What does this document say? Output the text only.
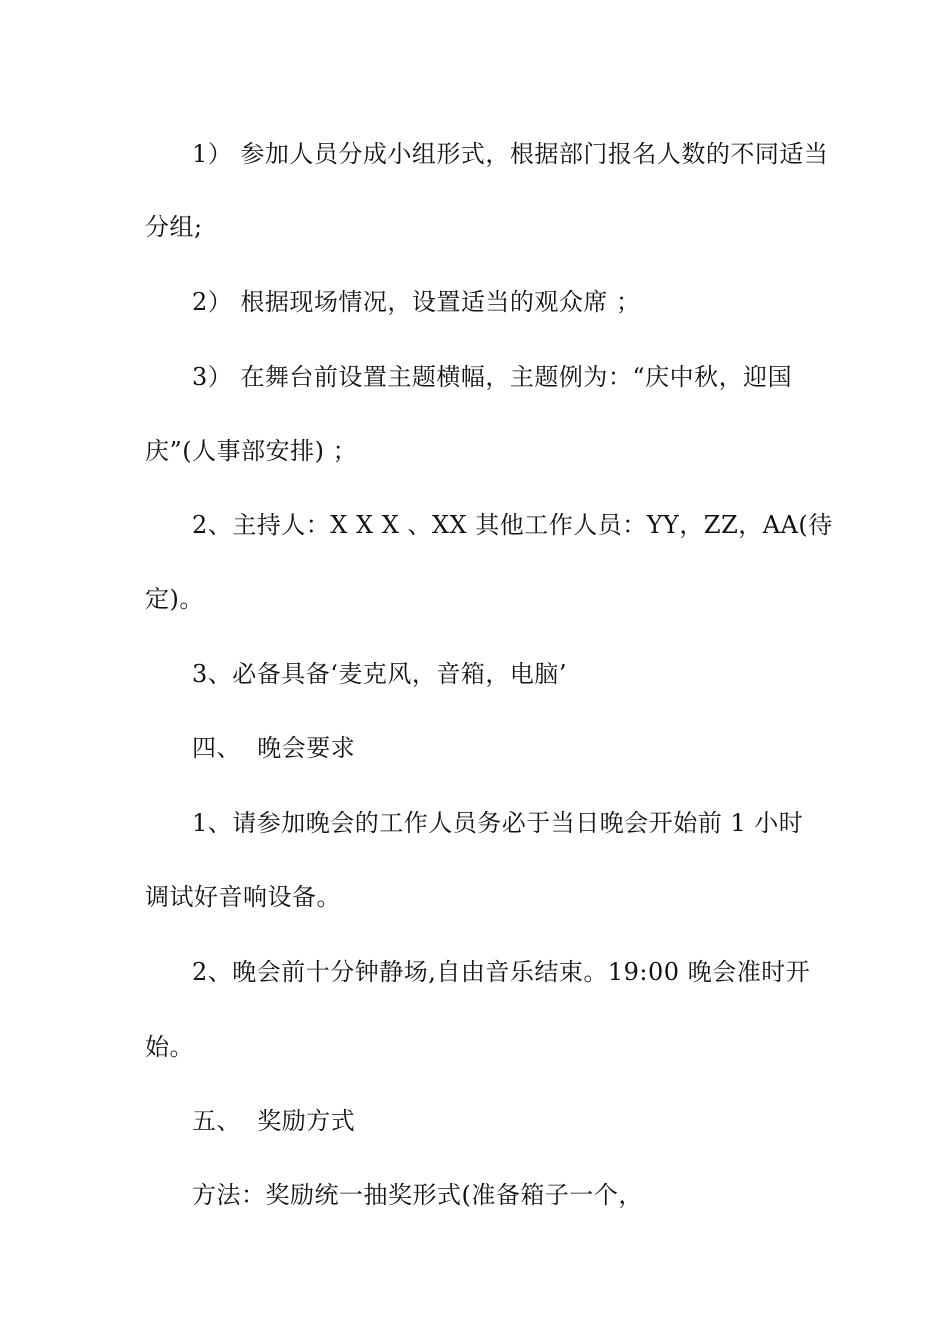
1） 参加人员分成小组形式，根据部门报名人数的不同适当
分组;
2） 根据现场情况，设置适当的观众席 ；
3） 在舞台前设置主题横幅，主题例为：“庆中秋，迎国
庆”(人事部安排) ；
2、主持人：X X X 、XX 其他工作人员：YY，ZZ，AA(待
定)。
3、必备具备‘麦克风，音箱，电脑’
四、  晚会要求
1、请参加晚会的工作人员务必于当日晚会开始前 1 小时
调试好音响设备。
2、晚会前十分钟静场,自由音乐结束。19:00 晚会准时开
始。
五、  奖励方式
方法：奖励统一抽奖形式(准备箱子一个，
